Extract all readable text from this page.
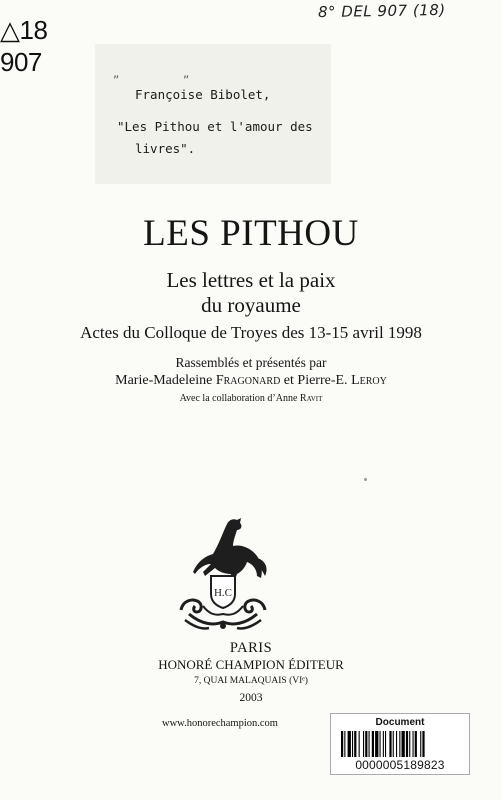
△18
907
8° DEL 907 (18)
„ „
Françoise Bibolet,
"Les Pithou et l'amour des
livres".
LES PITHOU
Les lettres et la paix
du royaume
Actes du Colloque de Troyes des 13-15 avril 1998
Rassemblés et présentés par
Marie-Madeleine Fragonard et Pierre-E. Leroy
Avec la collaboration d’Anne Ravit
H.C
PARIS
HONORÉ CHAMPION ÉDITEUR
7, QUAI MALAQUAIS (VIᵉ)
2003
www.honorechampion.com	Document
0000005189823
